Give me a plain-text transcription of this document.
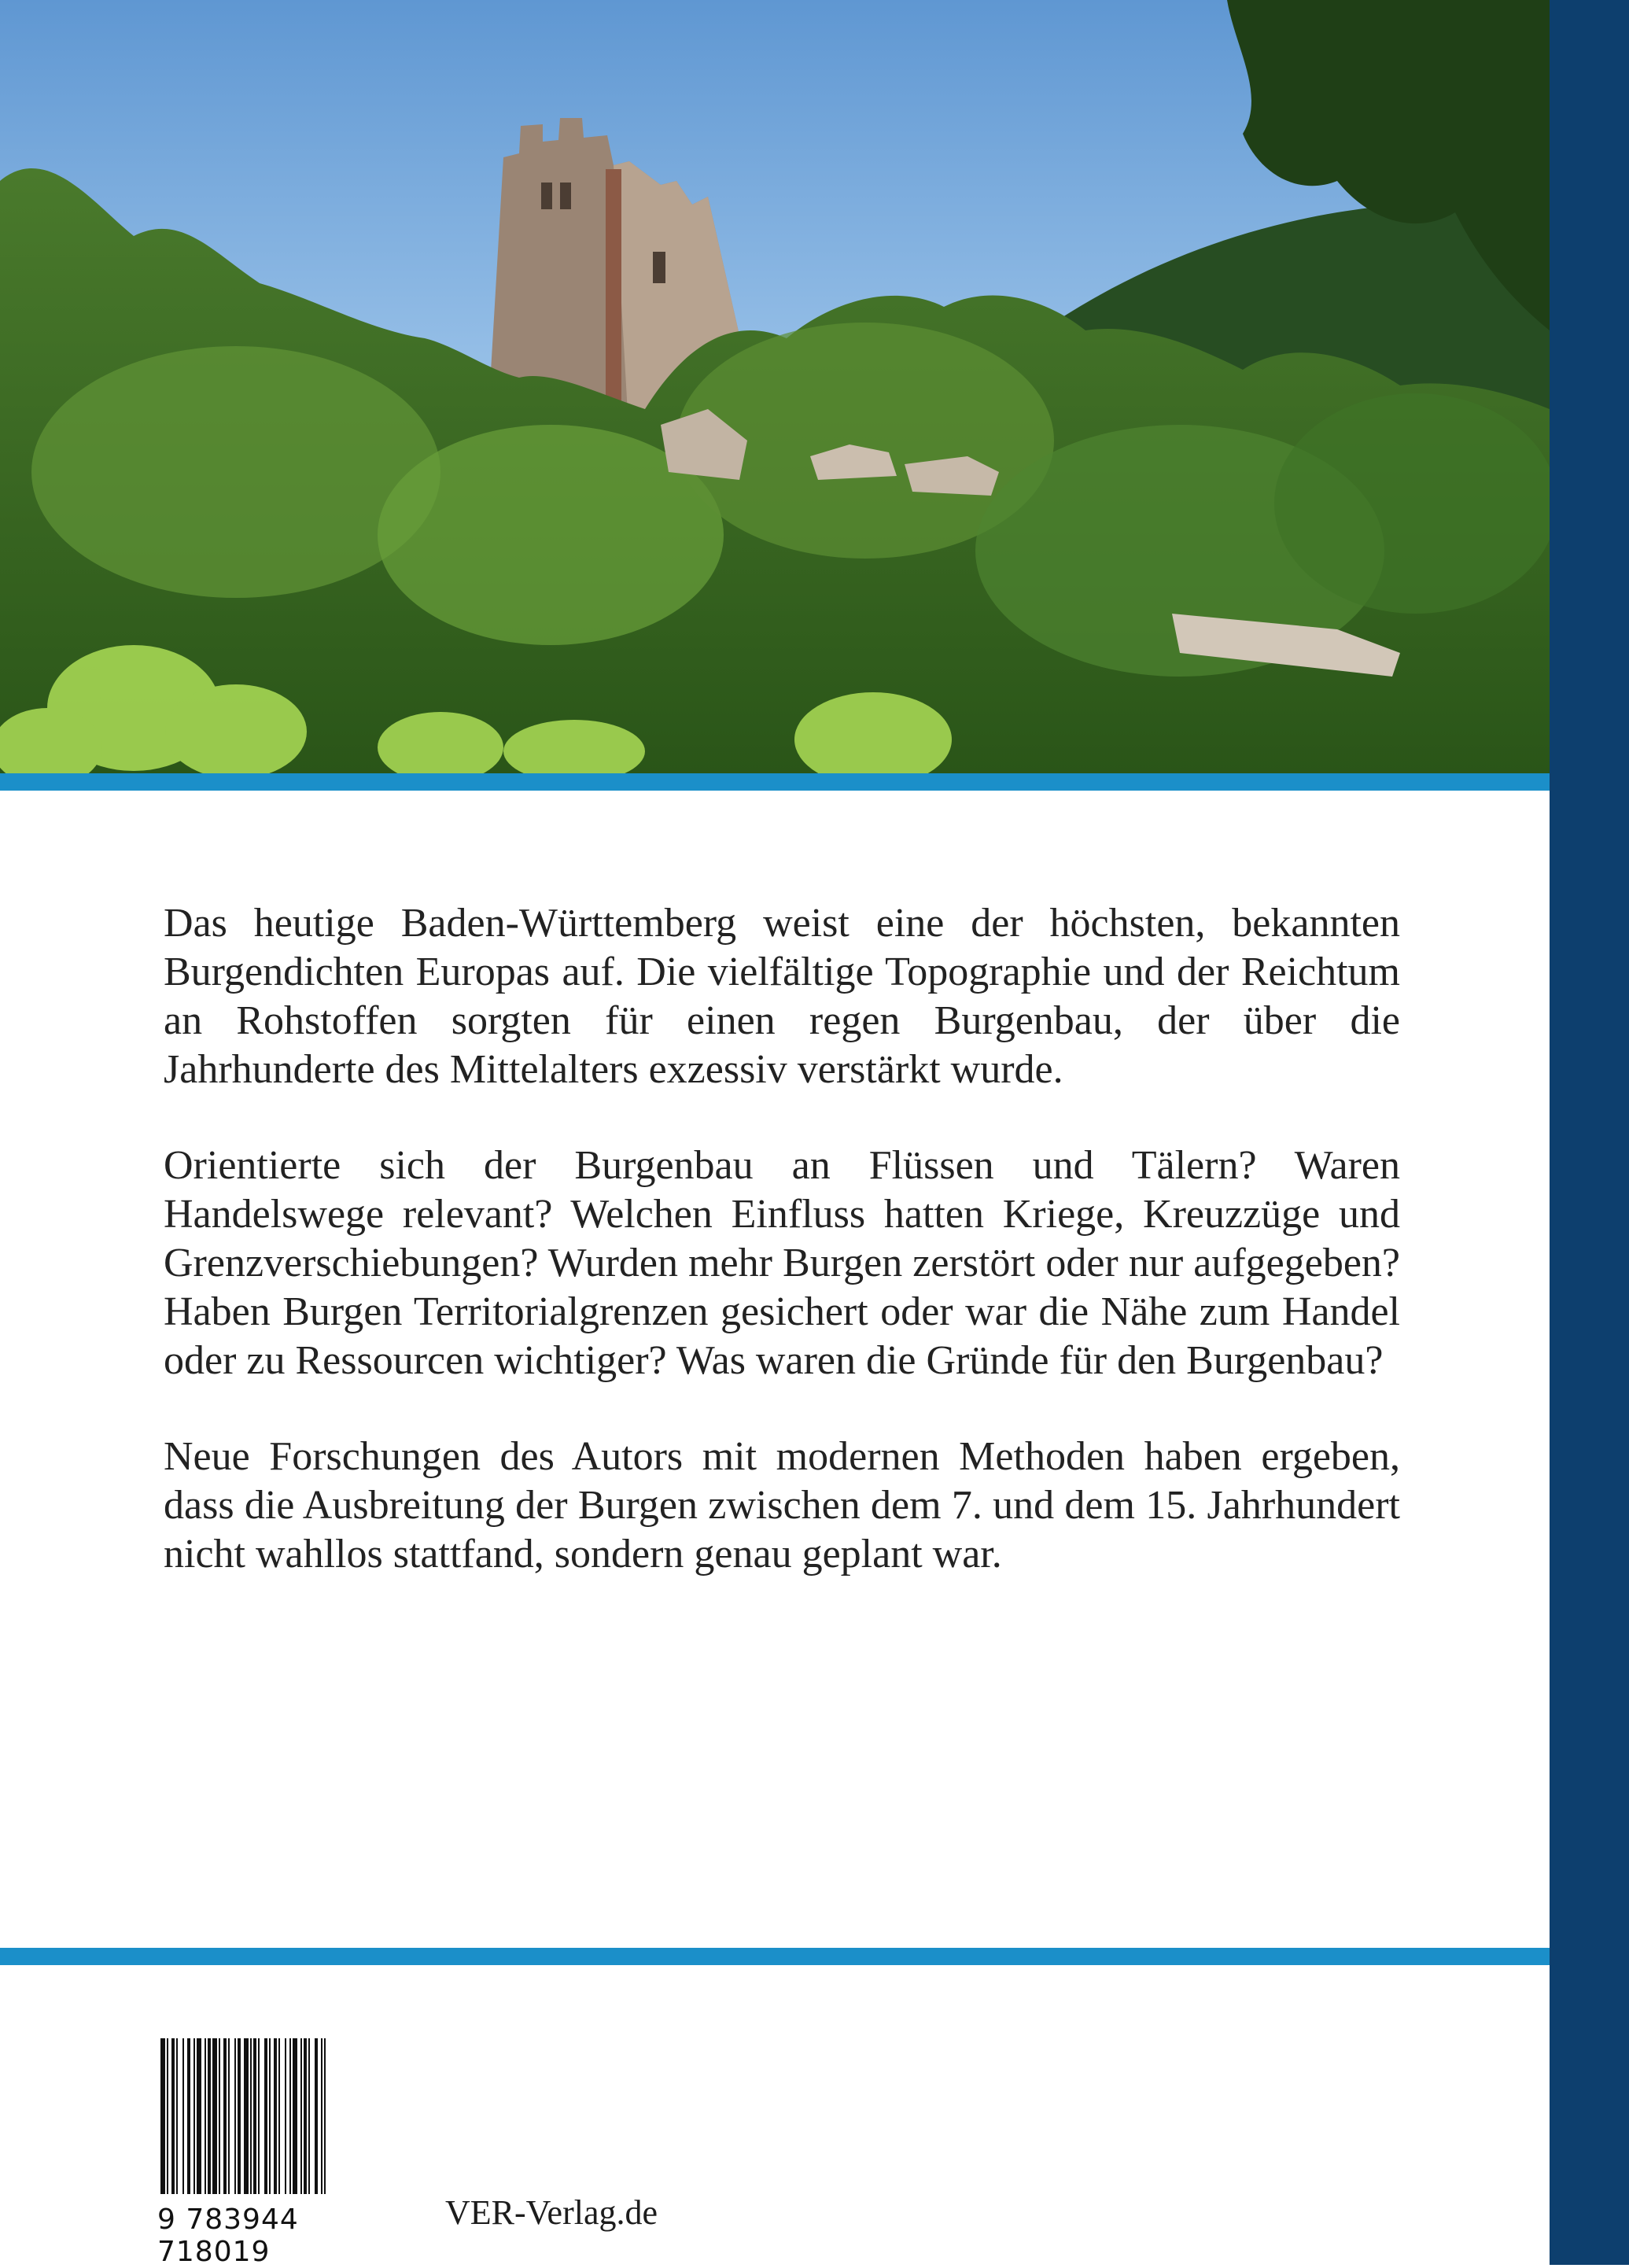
Das heutige Baden-Württemberg weist eine der höchsten, bekannten Burgendichten Europas auf. Die vielfältige Topographie und der Reichtum an Rohstoffen sorgten für einen regen Burgenbau, der über die Jahrhunderte des Mittelalters exzessiv verstärkt wurde.

Orientierte sich der Burgenbau an Flüssen und Tälern? Waren Handelswege relevant? Welchen Einfluss hatten Kriege, Kreuzzüge und Grenzverschiebungen? Wurden mehr Burgen zerstört oder nur aufgegeben? Haben Burgen Territorialgrenzen gesichert oder war die Nähe zum Handel oder zu Ressourcen wichtiger? Was waren die Gründe für den Burgenbau?

Neue Forschungen des Autors mit modernen Methoden haben ergeben, dass die Ausbreitung der Burgen zwischen dem 7. und dem 15. Jahrhundert nicht wahllos stattfand, sondern genau geplant war.

9 783944 718019
VER-Verlag.de
